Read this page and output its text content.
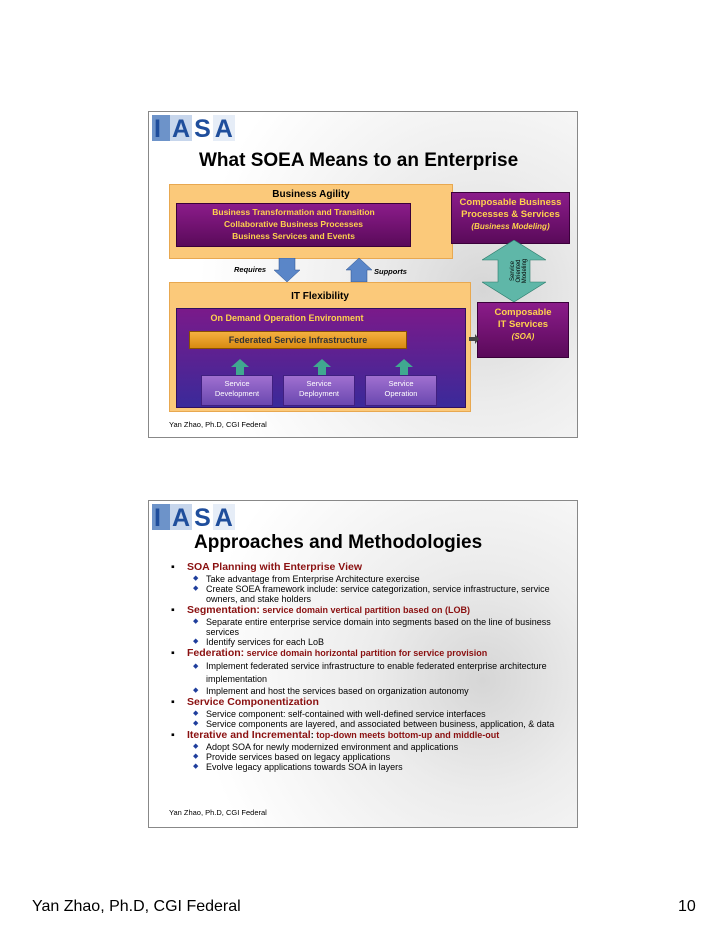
I A S A
What SOEA Means to an Enterprise
Business Agility
Business Transformation and Transition
Collaborative Business Processes
Business Services and Events
Composable Business
Processes & Services
(Business Modeling)
Requires	Supports	Service Oriented Modeling
IT Flexibility
On Demand Operation Environment
Federated Service Infrastructure
Service
Development
Service
Deployment
Service
Operation
Composable
IT Services
(SOA)
Yan Zhao, Ph.D, CGI Federal
I A S A
Approaches and Methodologies

▪ SOA Planning with Enterprise View

◆ Take advantage from Enterprise Architecture exercise

◆ Create SOEA framework include: service categorization, service infrastructure, service owners, and stake holders

▪ Segmentation: service domain vertical partition based on (LOB)

◆ Separate entire enterprise service domain into segments based on the line of business services

◆ Identify services for each LoB

▪ Federation: service domain horizontal partition for service provision

◆ Implement federated service infrastructure to enable federated enterprise architecture implementation

◆ Implement and host the services based on organization autonomy

▪ Service Componentization

◆ Service component: self-contained with well-defined service interfaces

◆ Service components are layered, and associated between business, application, & data

▪ Iterative and Incremental: top-down meets bottom-up and middle-out

◆ Adopt SOA for newly modernized environment and applications

◆ Provide services based on legacy applications

◆ Evolve legacy applications towards SOA in layers

Yan Zhao, Ph.D, CGI Federal
Yan Zhao, Ph.D, CGI Federal	10
